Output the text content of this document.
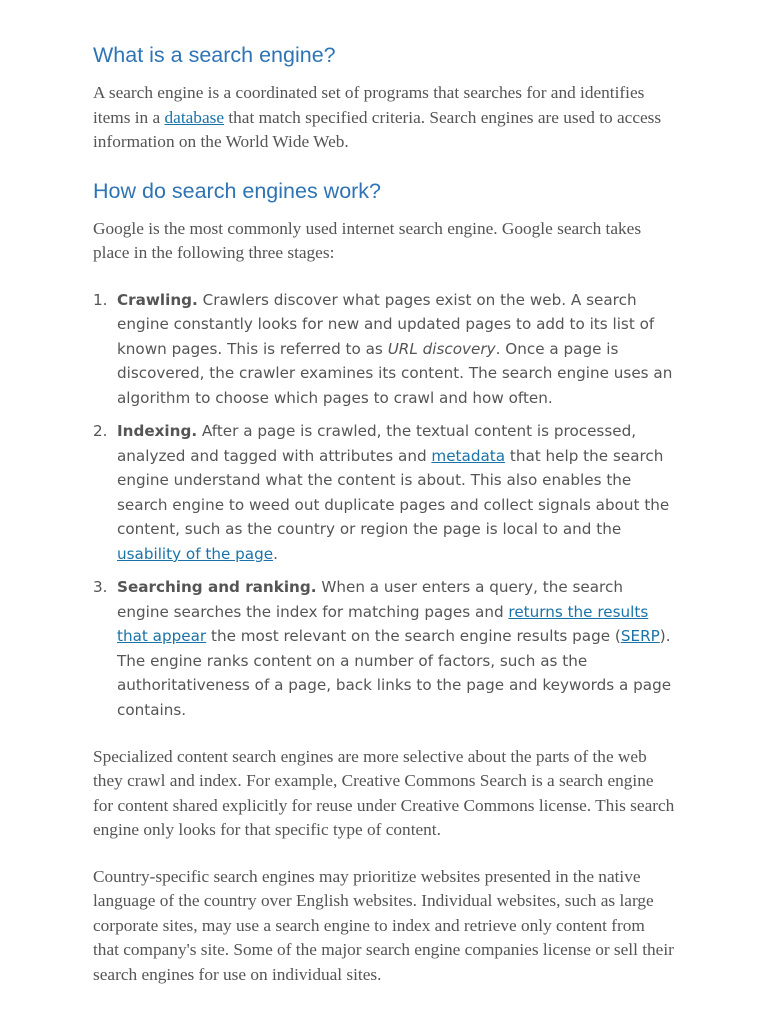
What is a search engine?

A search engine is a coordinated set of programs that searches for and identifies items in a database that match specified criteria. Search engines are used to access information on the World Wide Web.

How do search engines work?

Google is the most commonly used internet search engine. Google search takes place in the following three stages:

1. Crawling. Crawlers discover what pages exist on the web. A search engine constantly looks for new and updated pages to add to its list of known pages. This is referred to as URL discovery. Once a page is discovered, the crawler examines its content. The search engine uses an algorithm to choose which pages to crawl and how often.
2. Indexing. After a page is crawled, the textual content is processed, analyzed and tagged with attributes and metadata that help the search engine understand what the content is about. This also enables the search engine to weed out duplicate pages and collect signals about the content, such as the country or region the page is local to and the usability of the page.
3. Searching and ranking. When a user enters a query, the search engine searches the index for matching pages and returns the results that appear the most relevant on the search engine results page (SERP). The engine ranks content on a number of factors, such as the authoritativeness of a page, back links to the page and keywords a page contains.

Specialized content search engines are more selective about the parts of the web they crawl and index. For example, Creative Commons Search is a search engine for content shared explicitly for reuse under Creative Commons license. This search engine only looks for that specific type of content.

Country-specific search engines may prioritize websites presented in the native language of the country over English websites. Individual websites, such as large corporate sites, may use a search engine to index and retrieve only content from that company's site. Some of the major search engine companies license or sell their search engines for use on individual sites.
